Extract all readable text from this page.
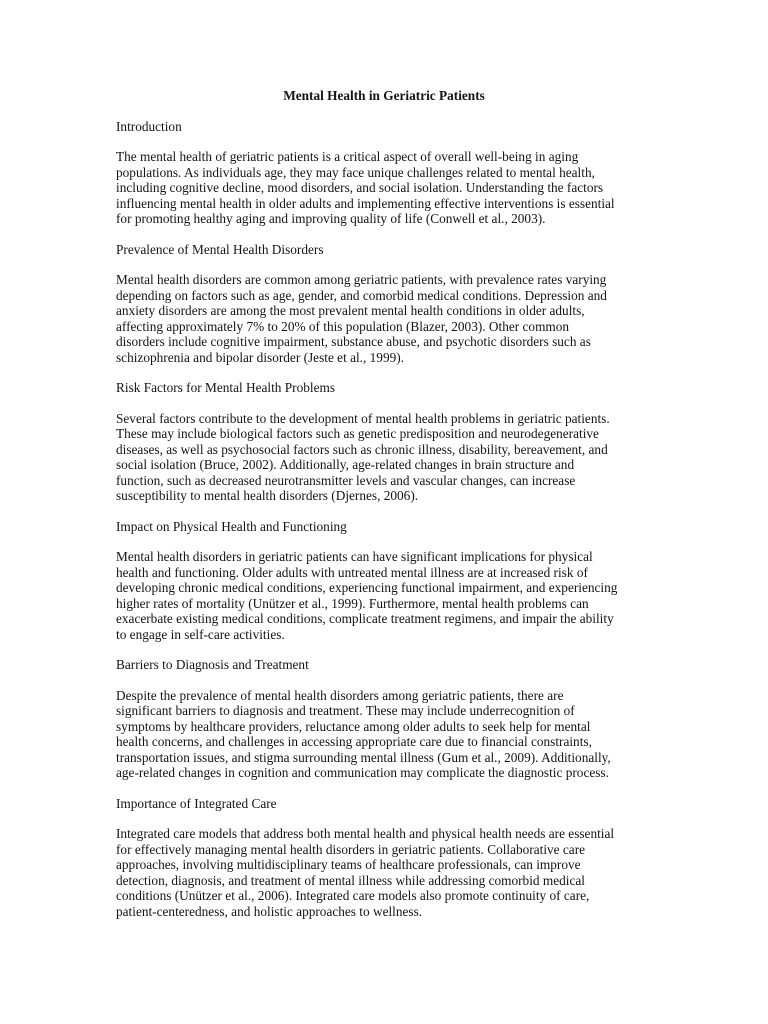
Mental Health in Geriatric Patients
Introduction
The mental health of geriatric patients is a critical aspect of overall well-being in aging
populations. As individuals age, they may face unique challenges related to mental health,
including cognitive decline, mood disorders, and social isolation. Understanding the factors
influencing mental health in older adults and implementing effective interventions is essential
for promoting healthy aging and improving quality of life (Conwell et al., 2003).
Prevalence of Mental Health Disorders
Mental health disorders are common among geriatric patients, with prevalence rates varying
depending on factors such as age, gender, and comorbid medical conditions. Depression and
anxiety disorders are among the most prevalent mental health conditions in older adults,
affecting approximately 7% to 20% of this population (Blazer, 2003). Other common
disorders include cognitive impairment, substance abuse, and psychotic disorders such as
schizophrenia and bipolar disorder (Jeste et al., 1999).
Risk Factors for Mental Health Problems
Several factors contribute to the development of mental health problems in geriatric patients.
These may include biological factors such as genetic predisposition and neurodegenerative
diseases, as well as psychosocial factors such as chronic illness, disability, bereavement, and
social isolation (Bruce, 2002). Additionally, age-related changes in brain structure and
function, such as decreased neurotransmitter levels and vascular changes, can increase
susceptibility to mental health disorders (Djernes, 2006).
Impact on Physical Health and Functioning
Mental health disorders in geriatric patients can have significant implications for physical
health and functioning. Older adults with untreated mental illness are at increased risk of
developing chronic medical conditions, experiencing functional impairment, and experiencing
higher rates of mortality (Unützer et al., 1999). Furthermore, mental health problems can
exacerbate existing medical conditions, complicate treatment regimens, and impair the ability
to engage in self-care activities.
Barriers to Diagnosis and Treatment
Despite the prevalence of mental health disorders among geriatric patients, there are
significant barriers to diagnosis and treatment. These may include underrecognition of
symptoms by healthcare providers, reluctance among older adults to seek help for mental
health concerns, and challenges in accessing appropriate care due to financial constraints,
transportation issues, and stigma surrounding mental illness (Gum et al., 2009). Additionally,
age-related changes in cognition and communication may complicate the diagnostic process.
Importance of Integrated Care
Integrated care models that address both mental health and physical health needs are essential
for effectively managing mental health disorders in geriatric patients. Collaborative care
approaches, involving multidisciplinary teams of healthcare professionals, can improve
detection, diagnosis, and treatment of mental illness while addressing comorbid medical
conditions (Unützer et al., 2006). Integrated care models also promote continuity of care,
patient-centeredness, and holistic approaches to wellness.
